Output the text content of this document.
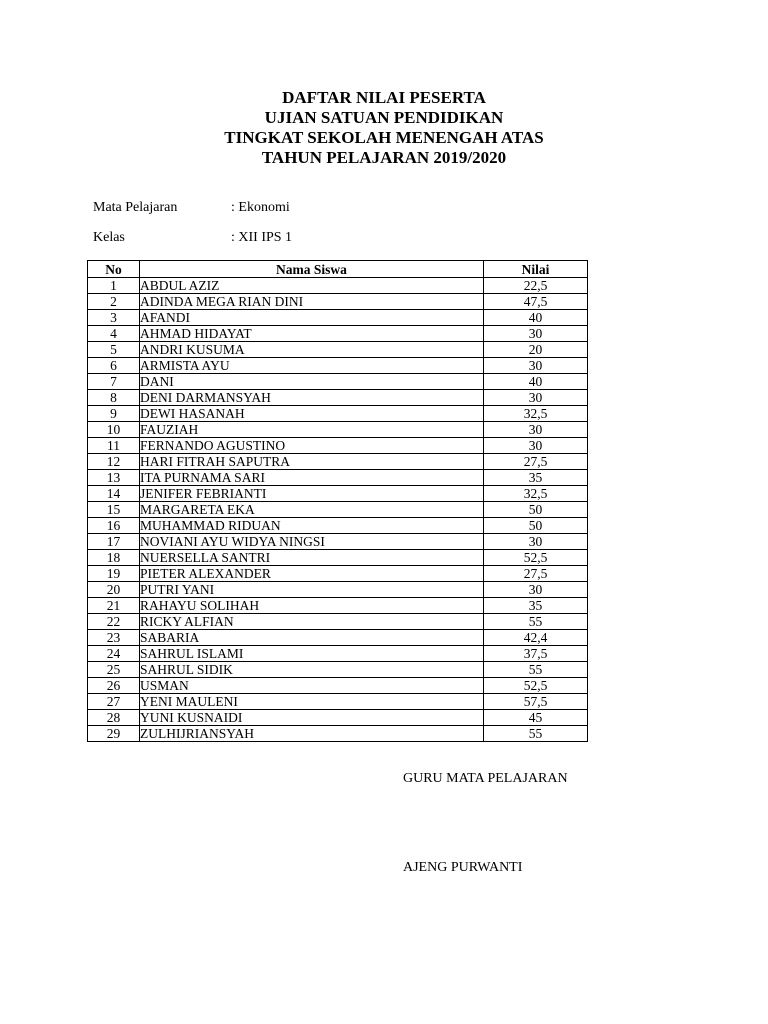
DAFTAR NILAI PESERTA
UJIAN SATUAN PENDIDIKAN
TINGKAT SEKOLAH MENENGAH ATAS
TAHUN PELAJARAN 2019/2020
Mata Pelajaran	: Ekonomi
Kelas	: XII IPS 1
No	Nama Siswa	Nilai
1	ABDUL AZIZ	22,5
2	ADINDA MEGA RIAN DINI	47,5
3	AFANDI	40
4	AHMAD HIDAYAT	30
5	ANDRI KUSUMA	20
6	ARMISTA AYU	30
7	DANI	40
8	DENI DARMANSYAH	30
9	DEWI HASANAH	32,5
10	FAUZIAH	30
11	FERNANDO AGUSTINO	30
12	HARI FITRAH SAPUTRA	27,5
13	ITA PURNAMA SARI	35
14	JENIFER FEBRIANTI	32,5
15	MARGARETA EKA	50
16	MUHAMMAD RIDUAN	50
17	NOVIANI AYU WIDYA NINGSI	30
18	NUERSELLA SANTRI	52,5
19	PIETER ALEXANDER	27,5
20	PUTRI YANI	30
21	RAHAYU SOLIHAH	35
22	RICKY ALFIAN	55
23	SABARIA	42,4
24	SAHRUL ISLAMI	37,5
25	SAHRUL SIDIK	55
26	USMAN	52,5
27	YENI MAULENI	57,5
28	YUNI KUSNAIDI	45
29	ZULHIJRIANSYAH	55
GURU MATA PELAJARAN
AJENG PURWANTI
